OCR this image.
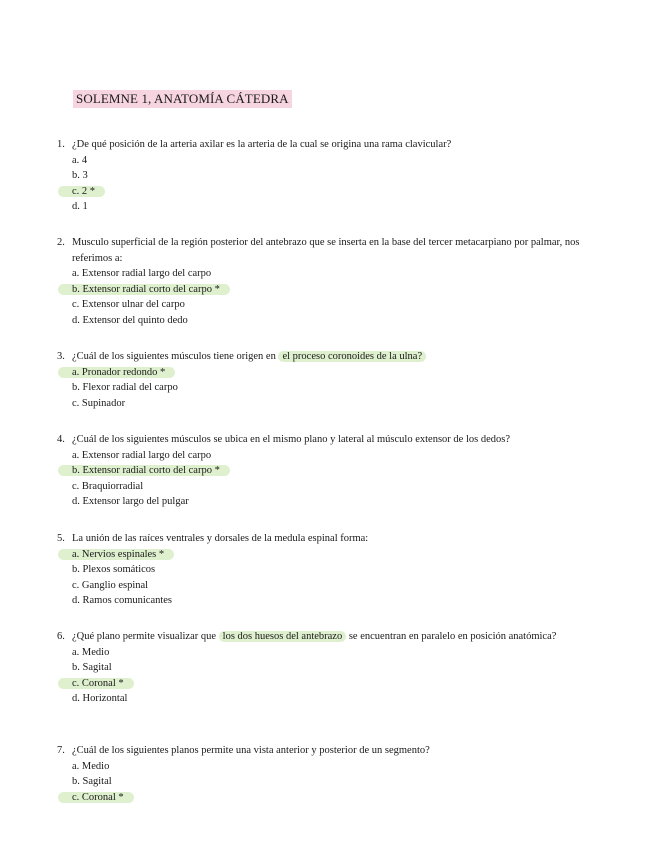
SOLEMNE 1, ANATOMÍA CÁTEDRA
1. ¿De qué posición de la arteria axilar es la arteria de la cual se origina una rama clavicular?
a. 4
b. 3
c. 2 *
d. 1
2. Musculo superficial de la región posterior del antebrazo que se inserta en la base del tercer metacarpiano por palmar, nos referimos a:
a. Extensor radial largo del carpo
b. Extensor radial corto del carpo *
c. Extensor ulnar del carpo
d. Extensor del quinto dedo
3. ¿Cuál de los siguientes músculos tiene origen en el proceso coronoides de la ulna?
a. Pronador redondo *
b. Flexor radial del carpo
c. Supinador
4. ¿Cuál de los siguientes músculos se ubica en el mismo plano y lateral al músculo extensor de los dedos?
a. Extensor radial largo del carpo
b. Extensor radial corto del carpo *
c. Braquiorradial
d. Extensor largo del pulgar
5. La unión de las raíces ventrales y dorsales de la medula espinal forma:
a. Nervios espinales *
b. Plexos somáticos
c. Ganglio espinal
d. Ramos comunicantes
6. ¿Qué plano permite visualizar que los dos huesos del antebrazo se encuentran en paralelo en posición anatómica?
a. Medio
b. Sagital
c. Coronal *
d. Horizontal
7. ¿Cuál de los siguientes planos permite una vista anterior y posterior de un segmento?
a. Medio
b. Sagital
c. Coronal *
